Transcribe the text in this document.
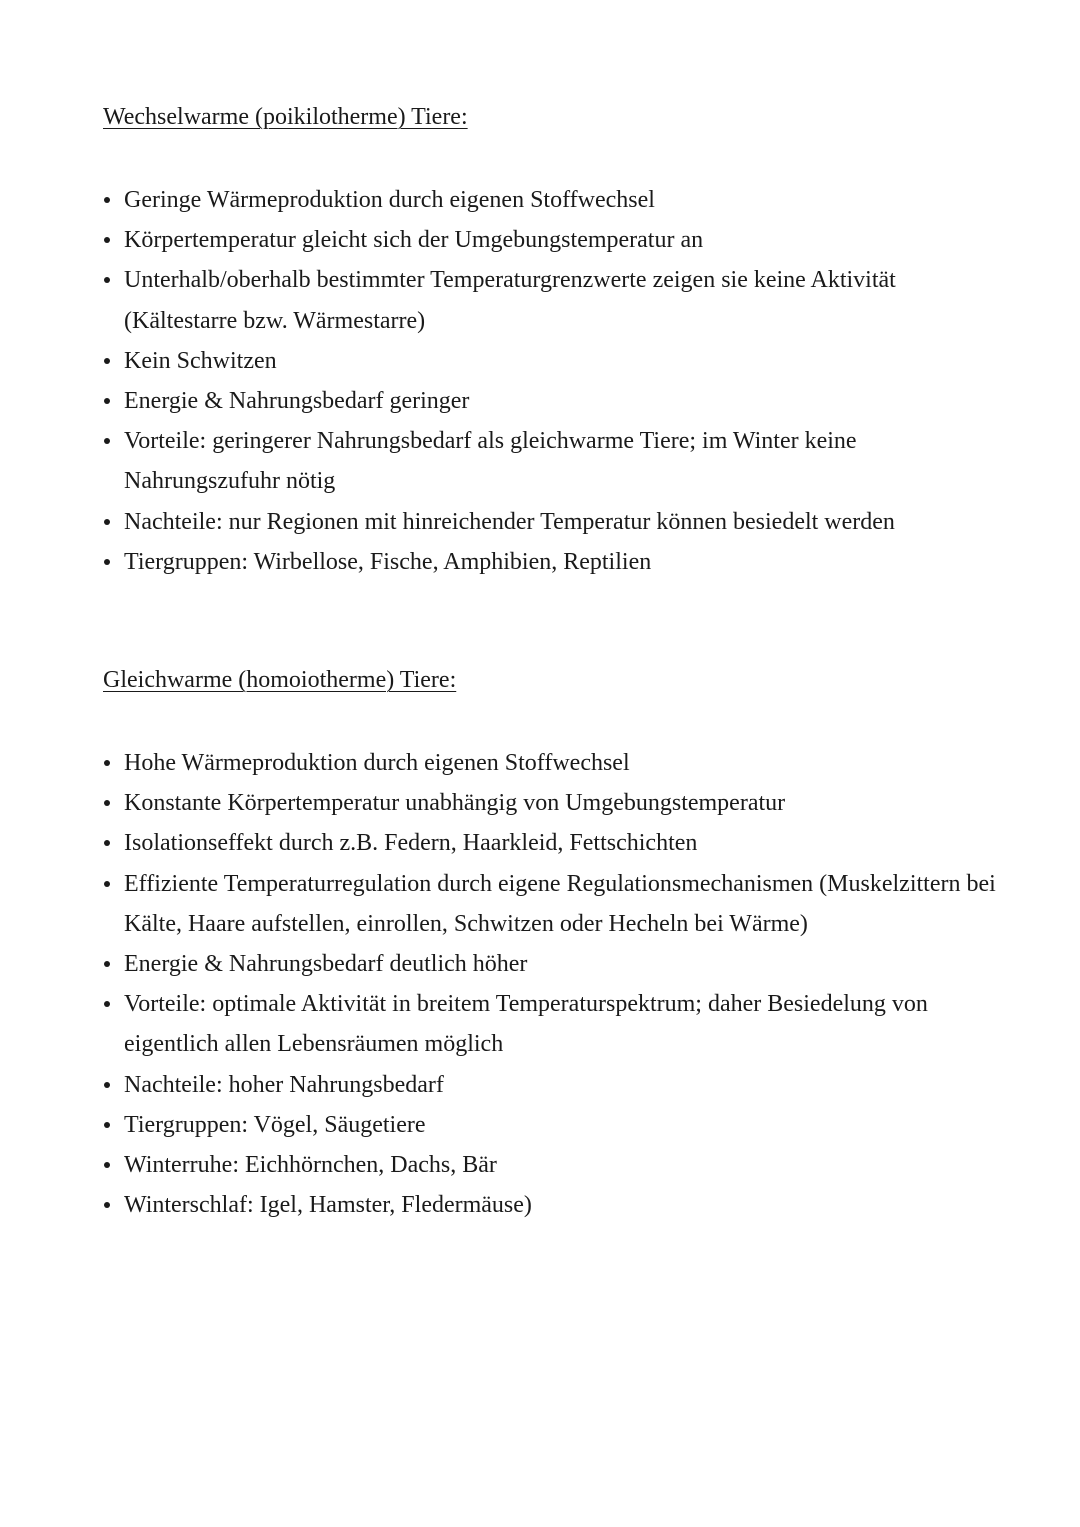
Wechselwarme (poikilotherme) Tiere:
Geringe Wärmeproduktion durch eigenen Stoffwechsel
Körpertemperatur gleicht sich der Umgebungstemperatur an
Unterhalb/oberhalb bestimmter Temperaturgrenzwerte zeigen sie keine Aktivität (Kältestarre bzw. Wärmestarre)
Kein Schwitzen
Energie & Nahrungsbedarf geringer
Vorteile: geringerer Nahrungsbedarf als gleichwarme Tiere; im Winter keine Nahrungszufuhr nötig
Nachteile: nur Regionen mit hinreichender Temperatur können besiedelt werden
Tiergruppen: Wirbellose, Fische, Amphibien, Reptilien
Gleichwarme (homoiotherme) Tiere:
Hohe Wärmeproduktion durch eigenen Stoffwechsel
Konstante Körpertemperatur unabhängig von Umgebungstemperatur
Isolationseffekt durch z.B. Federn, Haarkleid, Fettschichten
Effiziente Temperaturregulation durch eigene Regulationsmechanismen (Muskelzittern bei Kälte, Haare aufstellen, einrollen, Schwitzen oder Hecheln bei Wärme)
Energie & Nahrungsbedarf deutlich höher
Vorteile: optimale Aktivität in breitem Temperaturspektrum; daher Besiedelung von eigentlich allen Lebensräumen möglich
Nachteile: hoher Nahrungsbedarf
Tiergruppen: Vögel, Säugetiere
Winterruhe: Eichhörnchen, Dachs, Bär
Winterschlaf: Igel, Hamster, Fledermäuse)
